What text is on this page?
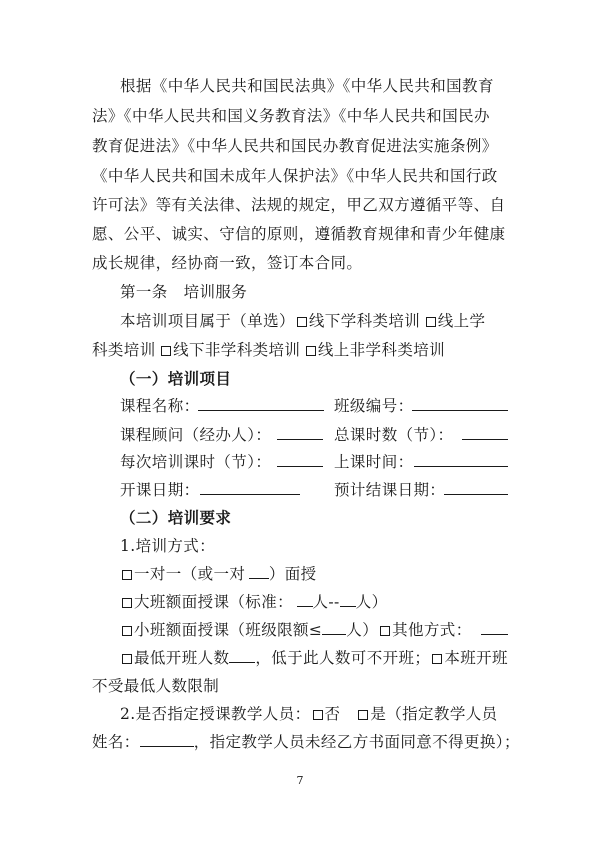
根据《中华人民共和国民法典》《中华人民共和国教育
法》《中华人民共和国义务教育法》《中华人民共和国民办
教育促进法》《中华人民共和国民办教育促进法实施条例》
《中华人民共和国未成年人保护法》《中华人民共和国行政
许可法》等有关法律、法规的规定，甲乙双方遵循平等、自
愿、公平、诚实、守信的原则，遵循教育规律和青少年健康
成长规律，经协商一致，签订本合同。
第一条　培训服务
本培训项目属于（单选） 线下学科类培训  线上学
科类培训  线下非学科类培训  线上非学科类培训
（一）培训项目
课程名称：	班级编号：
课程顾问（经办人）：	总课时数（节）：
每次培训课时（节）：	上课时间：
开课日期：	预计结课日期：
（二）培训要求
1.培训方式：
一对一（或一对  ）面授
大班额面授课（标准：  人-- 人）
小班额面授课（班级限额≤ 人） 其他方式：
最低开班人数 ，低于此人数可不开班； 本班开班
不受最低人数限制
2.是否指定授课教学人员： 否  是（指定教学人员
姓名：	，指定教学人员未经乙方书面同意不得更换）；
7
